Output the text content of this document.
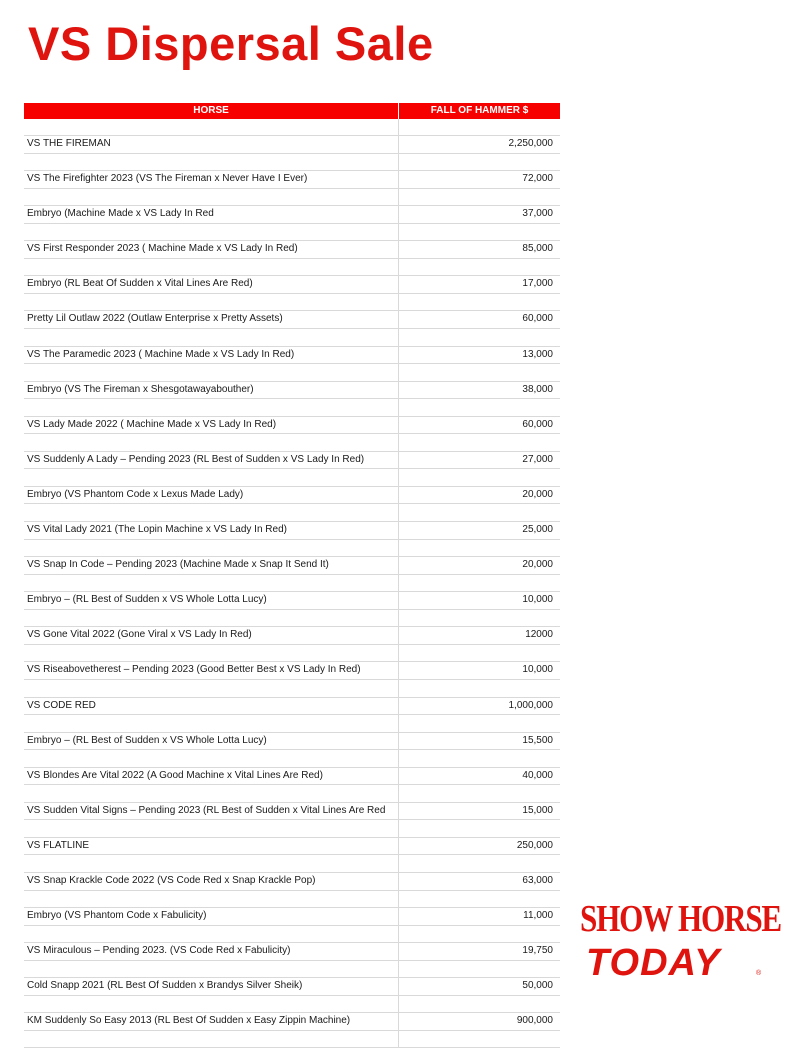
VS Dispersal Sale
HORSE	FALL OF HAMMER $
VS THE FIREMAN	2,250,000
VS The Firefighter 2023 (VS The Fireman x Never Have I Ever)	72,000
Embryo (Machine Made x VS Lady In Red	37,000
VS First Responder 2023 ( Machine Made x VS Lady In Red)	85,000
Embryo (RL Beat Of Sudden x Vital Lines Are Red)	17,000
Pretty Lil Outlaw 2022 (Outlaw Enterprise x Pretty Assets)	60,000
VS The Paramedic 2023 ( Machine Made x VS Lady In Red)	13,000
Embryo (VS The Fireman x Shesgotawayabouther)	38,000
VS Lady Made 2022 ( Machine Made x VS Lady In Red)	60,000
VS Suddenly A Lady – Pending 2023 (RL Best of Sudden x VS Lady In Red)	27,000
Embryo (VS Phantom Code x Lexus Made Lady)	20,000
VS Vital Lady 2021 (The Lopin Machine x VS Lady In Red)	25,000
VS Snap In Code – Pending 2023 (Machine Made x Snap It Send It)	20,000
Embryo – (RL Best of Sudden x VS Whole Lotta Lucy)	10,000
VS Gone Vital 2022 (Gone Viral x VS Lady In Red)	12000
VS Riseabovetherest – Pending 2023 (Good Better Best x VS Lady In Red)	10,000
VS CODE RED	1,000,000
Embryo – (RL Best of Sudden x VS Whole Lotta Lucy)	15,500
VS Blondes Are Vital 2022 (A Good Machine x Vital Lines Are Red)	40,000
VS Sudden Vital Signs – Pending 2023 (RL Best of Sudden x Vital Lines Are Red	15,000
VS FLATLINE	250,000
VS Snap Krackle Code 2022 (VS Code Red x Snap Krackle Pop)	63,000
Embryo (VS Phantom Code x Fabulicity)	11,000
VS Miraculous – Pending 2023. (VS Code Red x Fabulicity)	19,750
Cold Snapp 2021 (RL Best Of Sudden x Brandys Silver Sheik)	50,000
KM Suddenly So Easy 2013 (RL Best Of Sudden x Easy Zippin Machine)	900,000
SHOW HORSE
TODAY	®
